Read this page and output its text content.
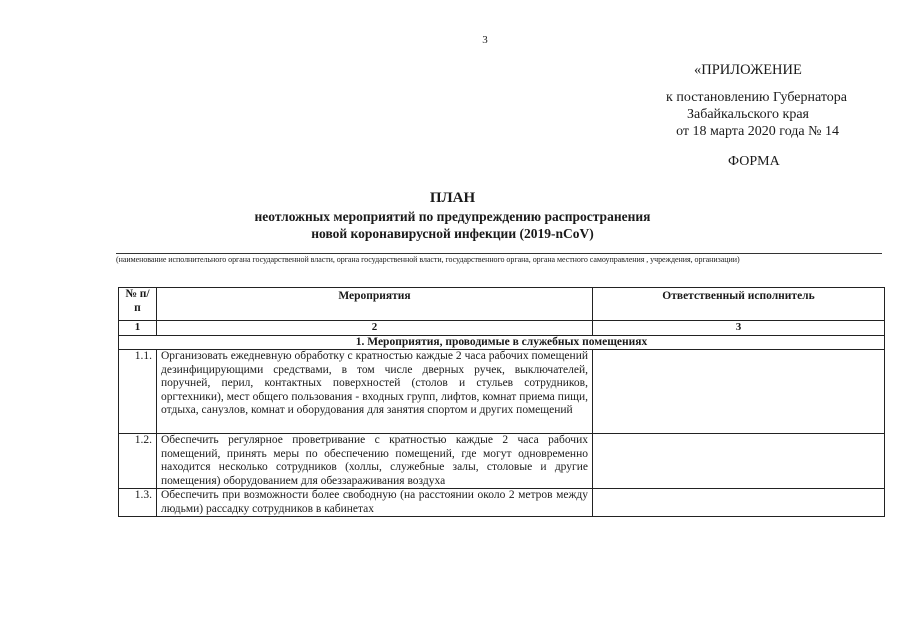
3
«ПРИЛОЖЕНИЕ
к постановлению Губернатора
Забайкальского края
от 18 марта 2020 года № 14
ФОРМА
ПЛАН
неотложных мероприятий по предупреждению распространения
новой коронавирусной инфекции (2019-nCoV)
(наименование исполнительного органа государственной власти, органа государственной власти, государственного органа, органа местного самоуправления , учреждения, организации)
№ п/п	Мероприятия	Ответственный исполнитель
1	2	3
1. Мероприятия, проводимые в служебных помещениях		
1.1.	Организовать ежедневную обработку с кратностью каждые 2 часа рабочих помещений дезинфицирующими средствами, в том числе дверных ручек, выключателей, поручней, перил, контактных поверхностей (столов и стульев сотрудников, оргтехники), мест общего пользования - входных групп, лифтов, комнат приема пищи, отдыха, санузлов, комнат и оборудования для занятия спортом и других помещений	
1.2.	Обеспечить регулярное проветривание с кратностью каждые 2 часа рабочих помещений, принять меры по обеспечению помещений, где могут одновременно находится несколько сотрудников (холлы, служебные залы, столовые и другие помещения) оборудованием для обеззараживания воздуха	
1.3.	Обеспечить при возможности более свободную (на расстоянии около 2 метров между людьми) рассадку сотрудников в кабинетах	
